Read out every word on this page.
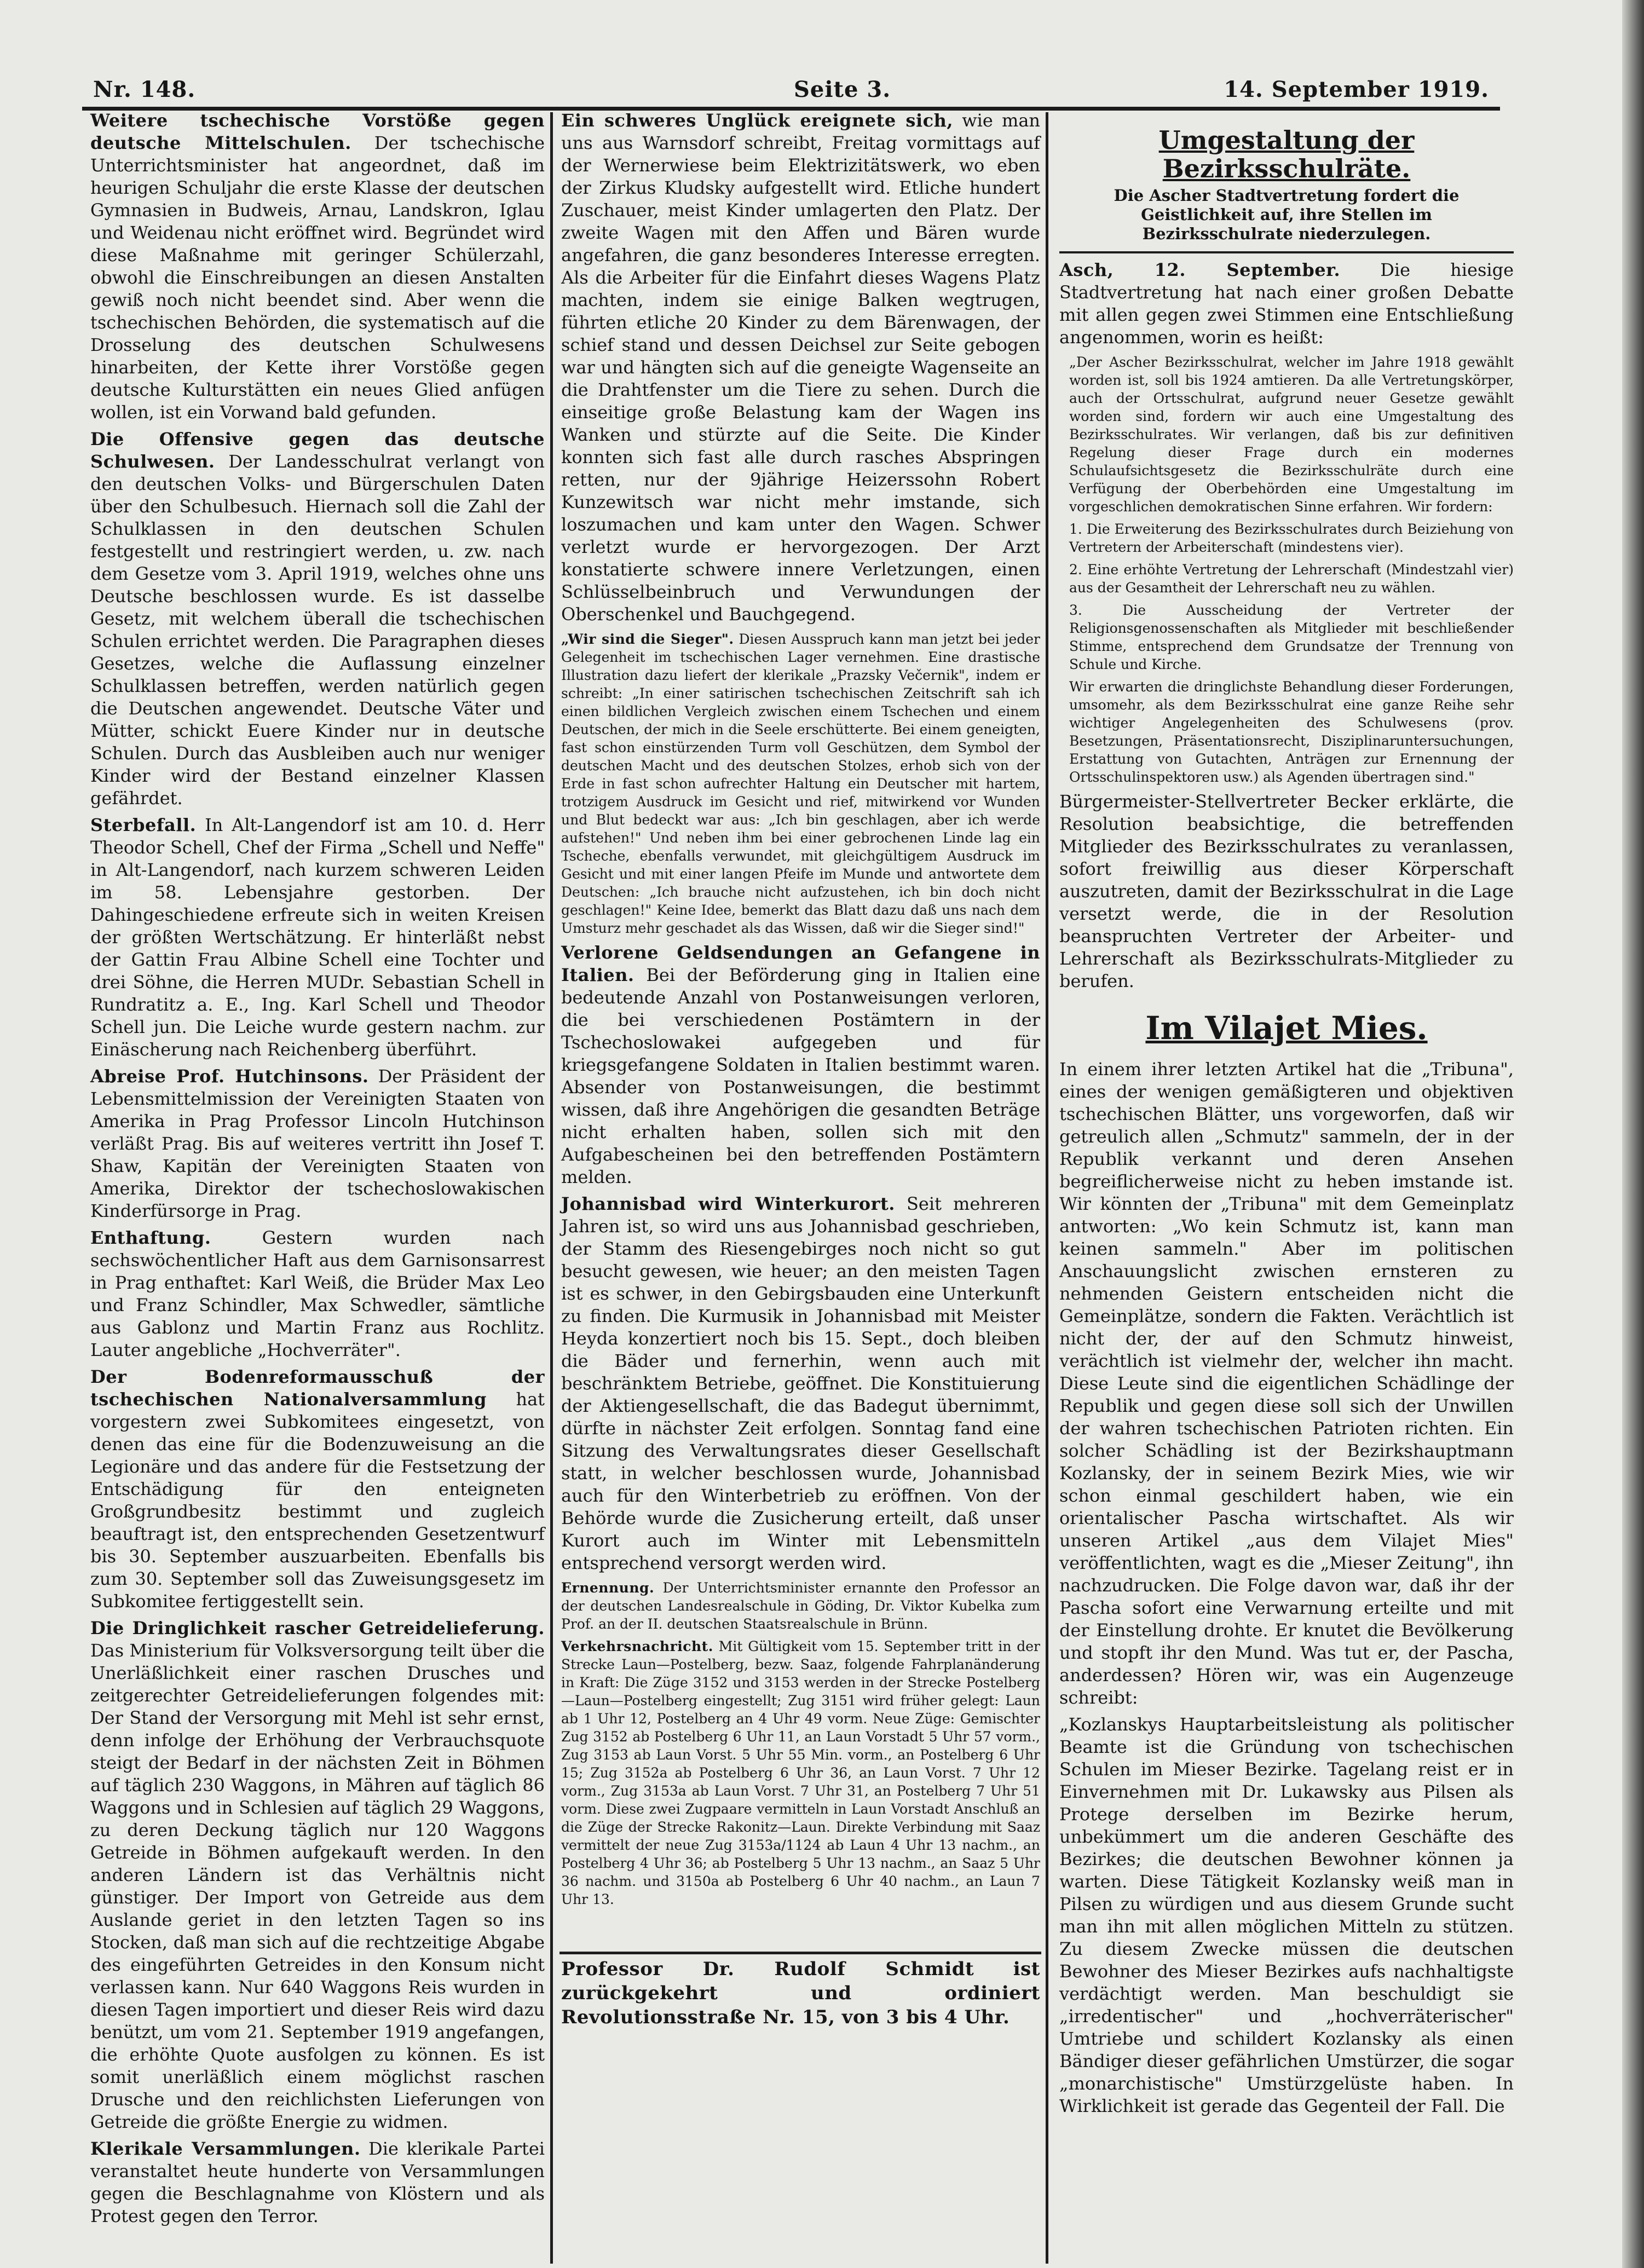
Nr. 148.	Seite 3.	14. September 1919.

Weitere tschechische Vorstöße gegen deutsche Mittelschulen. Der tschechische Unterrichtsminister hat angeordnet, daß im heurigen Schuljahr die erste Klasse der deutschen Gymnasien in Budweis, Arnau, Landskron, Iglau und Weidenau nicht eröffnet wird. Begründet wird diese Maßnahme mit geringer Schülerzahl, obwohl die Einschreibungen an diesen Anstalten gewiß noch nicht beendet sind. Aber wenn die tschechischen Behörden, die systematisch auf die Drosselung des deutschen Schulwesens hinarbeiten, der Kette ihrer Vorstöße gegen deutsche Kulturstätten ein neues Glied anfügen wollen, ist ein Vorwand bald gefunden.

Die Offensive gegen das deutsche Schulwesen. Der Landesschulrat verlangt von den deutschen Volks- und Bürgerschulen Daten über den Schulbesuch. Hiernach soll die Zahl der Schulklassen in den deutschen Schulen festgestellt und restringiert werden, u. zw. nach dem Gesetze vom 3. April 1919, welches ohne uns Deutsche beschlossen wurde. Es ist dasselbe Gesetz, mit welchem überall die tschechischen Schulen errichtet werden. Die Paragraphen dieses Gesetzes, welche die Auflassung einzelner Schulklassen betreffen, werden natürlich gegen die Deutschen angewendet. Deutsche Väter und Mütter, schickt Euere Kinder nur in deutsche Schulen. Durch das Ausbleiben auch nur weniger Kinder wird der Bestand einzelner Klassen gefährdet.

Sterbefall. In Alt-Langendorf ist am 10. d. Herr Theodor Schell, Chef der Firma „Schell und Neffe" in Alt-Langendorf, nach kurzem schweren Leiden im 58. Lebensjahre gestorben. Der Dahingeschiedene erfreute sich in weiten Kreisen der größten Wertschätzung. Er hinterläßt nebst der Gattin Frau Albine Schell eine Tochter und drei Söhne, die Herren MUDr. Sebastian Schell in Rundratitz a. E., Ing. Karl Schell und Theodor Schell jun. Die Leiche wurde gestern nachm. zur Einäscherung nach Reichenberg überführt.

Abreise Prof. Hutchinsons. Der Präsident der Lebensmittelmission der Vereinigten Staaten von Amerika in Prag Professor Lincoln Hutchinson verläßt Prag. Bis auf weiteres vertritt ihn Josef T. Shaw, Kapitän der Vereinigten Staaten von Amerika, Direktor der tschechoslowakischen Kinderfürsorge in Prag.

Enthaftung.	Gestern wurden nach sechswöchentlicher Haft aus dem Garnisonsarrest in Prag enthaftet: Karl Weiß, die Brüder Max Leo und Franz Schindler, Max Schwedler, sämtliche aus Gablonz und Martin Franz aus Rochlitz. Lauter angebliche „Hochverräter".

Der Bodenreformausschuß der tschechischen Nationalversammlung hat vorgestern zwei Subkomitees eingesetzt, von denen das eine für die Bodenzuweisung an die Legionäre und das andere für die Festsetzung der Entschädigung für den enteigneten Großgrundbesitz bestimmt und zugleich beauftragt ist, den entsprechenden Gesetzentwurf bis 30. September auszuarbeiten. Ebenfalls bis zum 30. September soll das Zuweisungsgesetz im Subkomitee fertiggestellt sein.

Die Dringlichkeit rascher Getreidelieferung. Das Ministerium für Volksversorgung teilt über die Unerläßlichkeit einer raschen Drusches und zeitgerechter Getreidelieferungen folgendes mit: Der Stand der Versorgung mit Mehl ist sehr ernst, denn infolge der Erhöhung der Verbrauchsquote steigt der Bedarf in der nächsten Zeit in Böhmen auf täglich 230 Waggons, in Mähren auf täglich 86 Waggons und in Schlesien auf täglich 29 Waggons, zu deren Deckung täglich nur 120 Waggons Getreide in Böhmen aufgekauft werden. In den anderen Ländern ist das Verhältnis nicht günstiger. Der Import von Getreide aus dem Auslande geriet in den letzten Tagen so ins Stocken, daß man sich auf die rechtzeitige Abgabe des eingeführten Getreides in den Konsum nicht verlassen kann. Nur 640 Waggons Reis wurden in diesen Tagen importiert und dieser Reis wird dazu benützt, um vom 21. September 1919 angefangen, die erhöhte Quote ausfolgen zu können. Es ist somit unerläßlich einem möglichst raschen Drusche und den reichlichsten Lieferungen von Getreide die größte Energie zu widmen.

Klerikale Versammlungen. Die klerikale Partei veranstaltet heute hunderte von Versammlungen gegen die Beschlagnahme von Klöstern und als Protest gegen den Terror.

Ein schweres Unglück ereignete sich, wie man uns aus Warnsdorf schreibt, Freitag vormittags auf der Wernerwiese beim Elektrizitätswerk, wo eben der Zirkus Kludsky aufgestellt wird. Etliche hundert Zuschauer, meist Kinder umlagerten den Platz. Der zweite Wagen mit den Affen und Bären wurde angefahren, die ganz besonderes Interesse erregten. Als die Arbeiter für die Einfahrt dieses Wagens Platz machten, indem sie einige Balken wegtrugen, führten etliche 20 Kinder zu dem Bärenwagen, der schief stand und dessen Deichsel zur Seite gebogen war und hängten sich auf die geneigte Wagenseite an die Drahtfenster um die Tiere zu sehen. Durch die einseitige große Belastung kam der Wagen ins Wanken und stürzte auf die Seite. Die Kinder konnten sich fast alle durch rasches Abspringen retten, nur der 9jährige Heizerssohn Robert Kunzewitsch war nicht mehr imstande, sich loszumachen und kam unter den Wagen. Schwer verletzt wurde er hervorgezogen. Der Arzt konstatierte schwere innere Verletzungen, einen Schlüsselbeinbruch und Verwundungen der Oberschenkel und Bauchgegend.

„Wir sind die Sieger". Diesen Ausspruch kann man jetzt bei jeder Gelegenheit im tschechischen Lager vernehmen. Eine drastische Illustration dazu liefert der klerikale „Prazsky Večernik", indem er schreibt: „In einer satirischen tschechischen Zeitschrift sah ich einen bildlichen Vergleich zwischen einem Tschechen und einem Deutschen, der mich in die Seele erschütterte. Bei einem geneigten, fast schon einstürzenden Turm voll Geschützen, dem Symbol der deutschen Macht und des deutschen Stolzes, erhob sich von der Erde in fast schon aufrechter Haltung ein Deutscher mit hartem, trotzigem Ausdruck im Gesicht und rief, mitwirkend vor Wunden und Blut bedeckt war aus: „Ich bin geschlagen, aber ich werde aufstehen!" Und neben ihm bei einer gebrochenen Linde lag ein Tscheche, ebenfalls verwundet, mit gleichgültigem Ausdruck im Gesicht und mit einer langen Pfeife im Munde und antwortete dem Deutschen: „Ich brauche nicht aufzustehen, ich bin doch nicht geschlagen!" Keine Idee, bemerkt das Blatt dazu daß uns nach dem Umsturz mehr geschadet als das Wissen, daß wir die Sieger sind!"

Verlorene Geldsendungen an Gefangene in Italien. Bei der Beförderung ging in Italien eine bedeutende Anzahl von Postanweisungen verloren, die bei verschiedenen Postämtern in der Tschechoslowakei aufgegeben und für kriegsgefangene Soldaten in Italien bestimmt waren. Absender von Postanweisungen, die bestimmt wissen, daß ihre Angehörigen die gesandten Beträge nicht erhalten haben, sollen sich mit den Aufgabescheinen bei den betreffenden Postämtern melden.

Johannisbad wird Winterkurort. Seit mehreren Jahren ist, so wird uns aus Johannisbad geschrieben, der Stamm des Riesengebirges noch nicht so gut besucht gewesen, wie heuer; an den meisten Tagen ist es schwer, in den Gebirgsbauden eine Unterkunft zu finden. Die Kurmusik in Johannisbad mit Meister Heyda konzertiert noch bis 15. Sept., doch bleiben die Bäder und fernerhin, wenn auch mit beschränktem Betriebe, geöffnet. Die Konstituierung der Aktiengesellschaft, die das Badegut übernimmt, dürfte in nächster Zeit erfolgen. Sonntag fand eine Sitzung des Verwaltungsrates dieser Gesellschaft statt, in welcher beschlossen wurde, Johannisbad auch für den Winterbetrieb zu eröffnen. Von der Behörde wurde die Zusicherung erteilt, daß unser Kurort auch im Winter mit Lebensmitteln entsprechend versorgt werden wird.

Ernennung. Der Unterrichtsminister ernannte den Professor an der deutschen Landesrealschule in Göding, Dr. Viktor Kubelka zum Prof. an der II. deutschen Staatsrealschule in Brünn.

Verkehrsnachricht. Mit Gültigkeit vom 15. September tritt in der Strecke Laun—Postelberg, bezw. Saaz, folgende Fahrplanänderung in Kraft: Die Züge 3152 und 3153 werden in der Strecke Postelberg—Laun—Postelberg eingestellt; Zug 3151 wird früher gelegt: Laun ab 1 Uhr 12, Postelberg an 4 Uhr 49 vorm. Neue Züge: Gemischter Zug 3152 ab Postelberg 6 Uhr 11, an Laun Vorstadt 5 Uhr 57 vorm., Zug 3153 ab Laun Vorst. 5 Uhr 55 Min. vorm., an Postelberg 6 Uhr 15; Zug 3152a ab Postelberg 6 Uhr 36, an Laun Vorst. 7 Uhr 12 vorm., Zug 3153a ab Laun Vorst. 7 Uhr 31, an Postelberg 7 Uhr 51 vorm. Diese zwei Zugpaare vermitteln in Laun Vorstadt Anschluß an die Züge der Strecke Rakonitz—Laun. Direkte Verbindung mit Saaz vermittelt der neue Zug 3153a/1124 ab Laun 4 Uhr 13 nachm., an Postelberg 4 Uhr 36; ab Postelberg 5 Uhr 13 nachm., an Saaz 5 Uhr 36 nachm. und 3150a ab Postelberg 6 Uhr 40 nachm., an Laun 7 Uhr 13.

Professor Dr. Rudolf Schmidt ist zurückgekehrt und ordiniert Revolutionsstraße Nr. 15, von 3 bis 4 Uhr.

Umgestaltung der Bezirksschulräte.
Die Ascher Stadtvertretung fordert die Geistlichkeit auf, ihre Stellen im Bezirksschulrate niederzulegen.

Asch, 12. September. Die hiesige Stadtvertretung hat nach einer großen Debatte mit allen gegen zwei Stimmen eine Entschließung angenommen, worin es heißt:

„Der Ascher Bezirksschulrat, welcher im Jahre 1918 gewählt worden ist, soll bis 1924 amtieren. Da alle Vertretungskörper, auch der Ortsschulrat, aufgrund neuer Gesetze gewählt worden sind, fordern wir auch eine Umgestaltung des Bezirksschulrates. Wir verlangen, daß bis zur definitiven Regelung dieser Frage durch ein modernes Schulaufsichtsgesetz die Bezirksschulräte durch eine Verfügung der Oberbehörden eine Umgestaltung im vorgeschlichen demokratischen Sinne erfahren. Wir fordern:

1. Die Erweiterung des Bezirksschulrates durch Beiziehung von Vertretern der Arbeiterschaft (mindestens vier).

2. Eine erhöhte Vertretung der Lehrerschaft (Mindestzahl vier) aus der Gesamtheit der Lehrerschaft neu zu wählen.

3. Die Ausscheidung der Vertreter der Religionsgenossenschaften als Mitglieder mit beschließender Stimme, entsprechend dem Grundsatze der Trennung von Schule und Kirche.

Wir erwarten die dringlichste Behandlung dieser Forderungen, umsomehr, als dem Bezirksschulrat eine ganze Reihe sehr wichtiger Angelegenheiten des Schulwesens (prov. Besetzungen, Präsentationsrecht, Disziplinaruntersuchungen, Erstattung von Gutachten, Anträgen zur Ernennung der Ortsschulinspektoren usw.) als Agenden übertragen sind."

Bürgermeister-Stellvertreter Becker erklärte, die Resolution beabsichtige, die betreffenden Mitglieder des Bezirksschulrates zu veranlassen, sofort freiwillig aus dieser Körperschaft auszutreten, damit der Bezirksschulrat in die Lage versetzt werde, die in der Resolution beanspruchten Vertreter der Arbeiter- und Lehrerschaft als Bezirksschulrats-Mitglieder zu berufen.

Im Vilajet Mies.

In einem ihrer letzten Artikel hat die „Tribuna", eines der wenigen gemäßigteren und objektiven tschechischen Blätter, uns vorgeworfen, daß wir getreulich allen „Schmutz" sammeln, der in der Republik verkannt und deren Ansehen begreiflicherweise nicht zu heben imstande ist. Wir könnten der „Tribuna" mit dem Gemeinplatz antworten: „Wo kein Schmutz ist, kann man keinen sammeln." Aber im politischen Anschauungslicht zwischen ernsteren zu nehmenden Geistern entscheiden nicht die Gemeinplätze, sondern die Fakten. Verächtlich ist nicht der, der auf den Schmutz hinweist, verächtlich ist vielmehr der, welcher ihn macht. Diese Leute sind die eigentlichen Schädlinge der Republik und gegen diese soll sich der Unwillen der wahren tschechischen Patrioten richten. Ein solcher Schädling ist der Bezirkshauptmann Kozlansky, der in seinem Bezirk Mies, wie wir schon einmal geschildert haben, wie ein orientalischer Pascha wirtschaftet. Als wir unseren Artikel „aus dem Vilajet Mies" veröffentlichten, wagt es die „Mieser Zeitung", ihn nachzudrucken. Die Folge davon war, daß ihr der Pascha sofort eine Verwarnung erteilte und mit der Einstellung drohte. Er knutet die Bevölkerung und stopft ihr den Mund. Was tut er, der Pascha, anderdessen? Hören wir, was ein Augenzeuge schreibt:

„Kozlanskys Hauptarbeitsleistung als politischer Beamte ist die Gründung von tschechischen Schulen im Mieser Bezirke. Tagelang reist er in Einvernehmen mit Dr. Lukawsky aus Pilsen als Protege derselben im Bezirke herum, unbekümmert um die anderen Geschäfte des Bezirkes; die deutschen Bewohner können ja warten. Diese Tätigkeit Kozlansky weiß man in Pilsen zu würdigen und aus diesem Grunde sucht man ihn mit allen möglichen Mitteln zu stützen. Zu diesem Zwecke müssen die deutschen Bewohner des Mieser Bezirkes aufs nachhaltigste verdächtigt werden. Man beschuldigt sie „irredentischer" und „hochverräterischer" Umtriebe und schildert Kozlansky als einen Bändiger dieser gefährlichen Umstürzer, die sogar „monarchistische" Umstürzgelüste haben. In Wirklichkeit ist gerade das Gegenteil der Fall. Die
